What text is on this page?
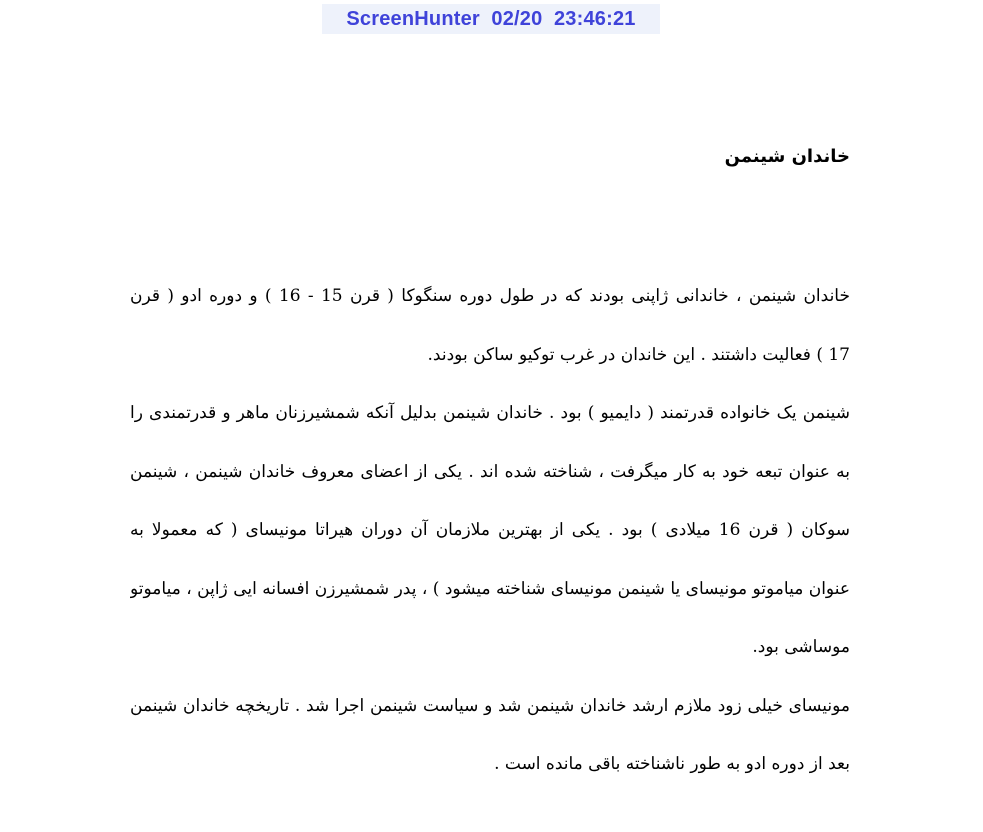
ScreenHunter  02/20  23:46:21
خاندان شینمن
خاندان شینمن ، خاندانی ژاپنی بودند که در طول دوره سنگوکا ( قرن 15 - 16 ) و دوره ادو ( قرن
17 ) فعالیت داشتند . این خاندان در غرب توکیو ساکن بودند.
شینمن یک خانواده قدرتمند ( دایمیو ) بود . خاندان شینمن بدلیل آنکه شمشیرزنان ماهر و قدرتمندی را
به عنوان تبعه خود به کار میگرفت ، شناخته شده اند . یکی از اعضای معروف خاندان شینمن ، شینمن
سوکان ( قرن 16 میلادی ) بود . یکی از بهترین ملازمان آن دوران هیراتا مونیسای ( که معمولا به
عنوان میاموتو مونیسای یا شینمن مونیسای شناخته میشود ) ، پدر شمشیرزن افسانه ایی ژاپن ، میاموتو
موساشی بود.
مونیسای خیلی زود ملازم ارشد خاندان شینمن شد و سیاست شینمن اجرا شد . تاریخچه خاندان شینمن
بعد از دوره ادو به طور ناشناخته باقی مانده است .
